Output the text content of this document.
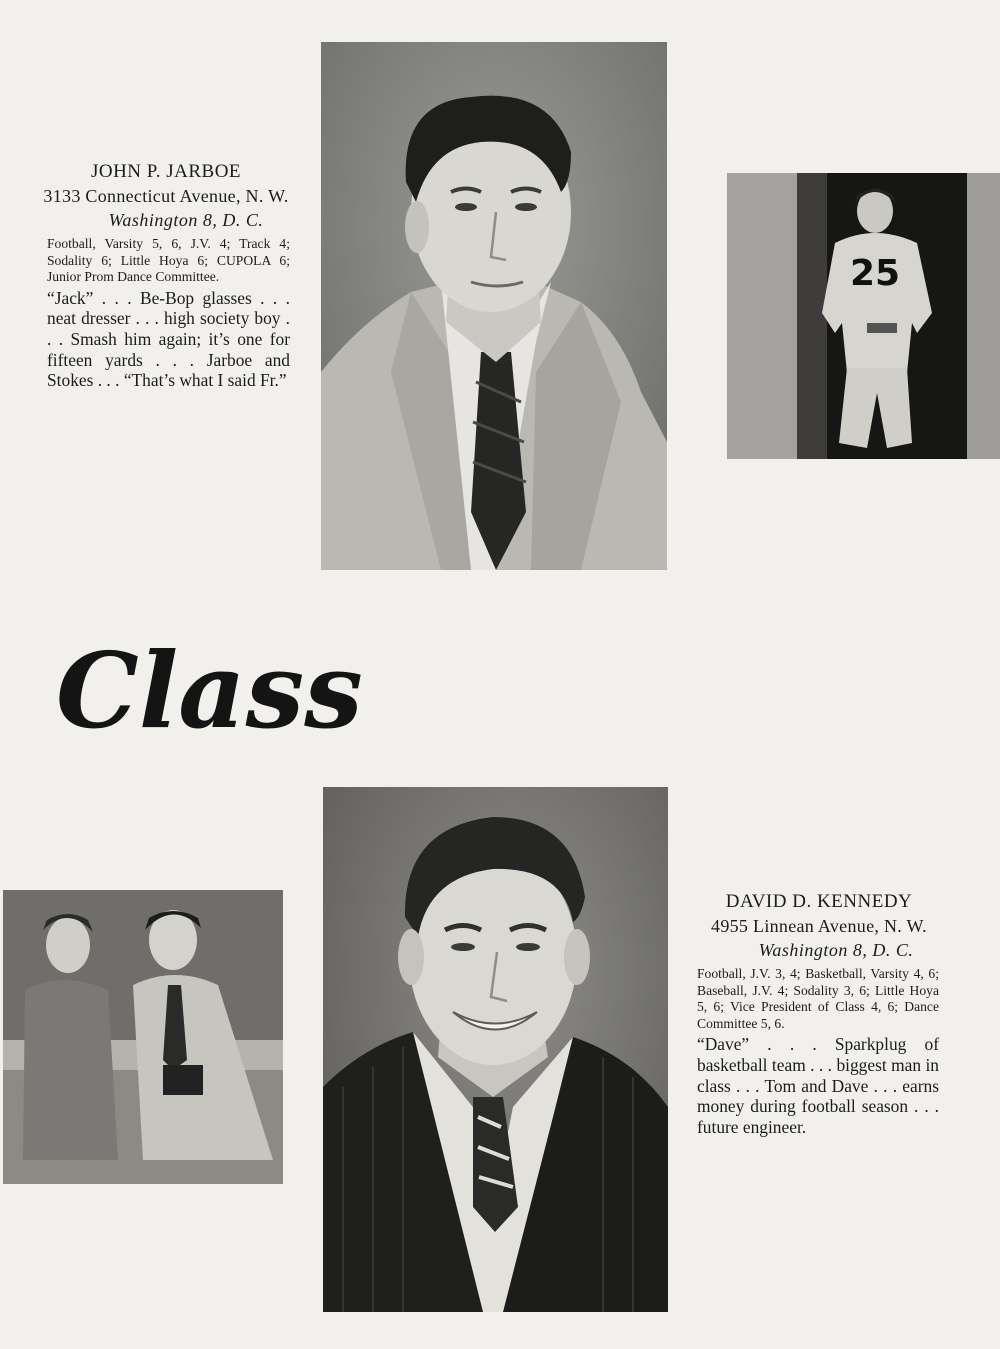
JOHN P. JARBOE
3133 Connecticut Avenue, N. W.
Washington 8, D. C.
Football, Varsity 5, 6, J.V. 4; Track 4; Sodality 6; Little Hoya 6; CUPOLA 6; Junior Prom Dance Committee.
“Jack” . . . Be-Bop glasses . . . neat dresser . . . high society boy . . . Smash him again; it’s one for fifteen yards . . . Jarboe and Stokes . . . “That’s what I said Fr.”
25
Class
DAVID D. KENNEDY
4955 Linnean Avenue, N. W.
Washington 8, D. C.
Football, J.V. 3, 4; Basketball, Varsity 4, 6; Baseball, J.V. 4; Sodality 3, 6; Little Hoya 5, 6; Vice President of Class 4, 6; Dance Committee 5, 6.
“Dave” . . . Sparkplug of basketball team . . . biggest man in class . . . Tom and Dave . . . earns money during football season . . . future engineer.
